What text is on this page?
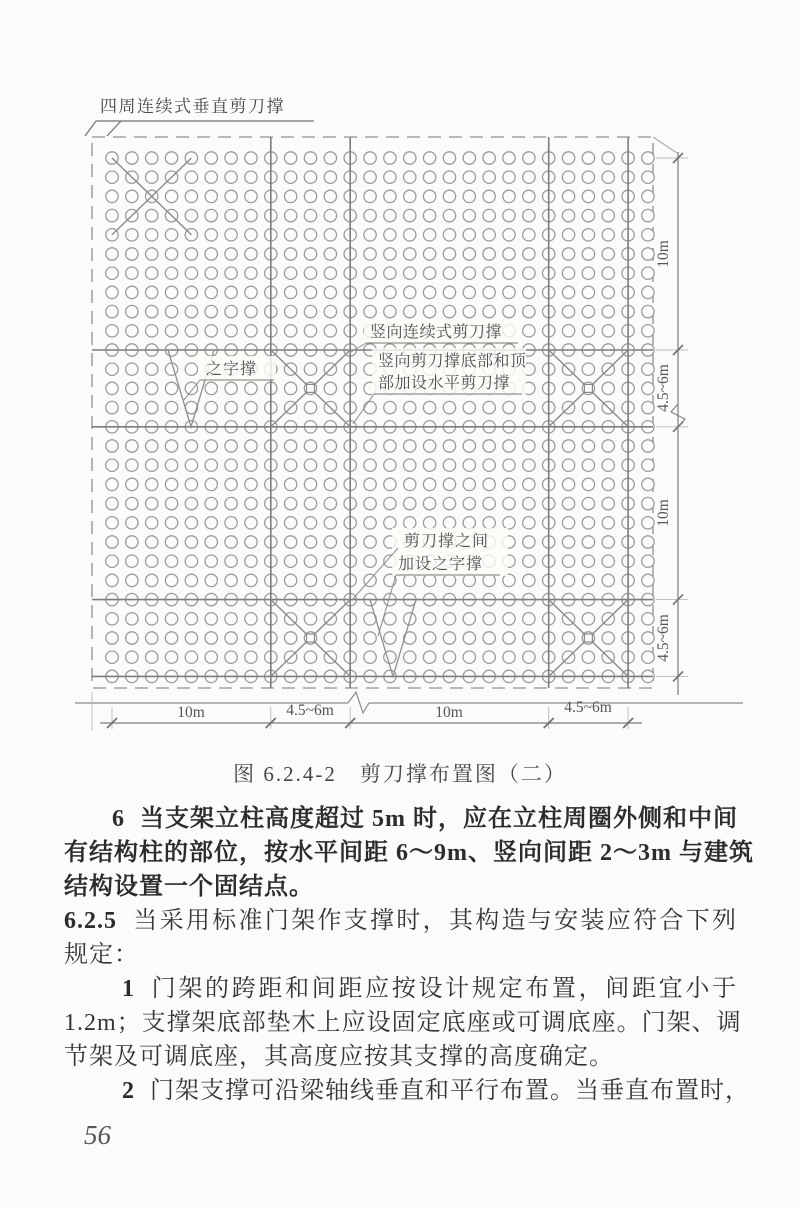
四周连续式垂直剪刀撑
之字撑
竖向连续式剪刀撑
竖向剪刀撑底部和顶
部加设水平剪刀撑
剪刀撑之间
加设之字撑
10m
4.5~6m
10m
4.5~6m
10m	4.5~6m	10m	4.5~6m
图 6.2.4-2　剪刀撑布置图（二）
6 当支架立柱高度超过 5m 时，应在立柱周圈外侧和中间
有结构柱的部位，按水平间距 6～9m、竖向间距 2～3m 与建筑
结构设置一个固结点。
6.2.5 当采用标准门架作支撑时，其构造与安装应符合下列
规定：
1 门架的跨距和间距应按设计规定布置，间距宜小于
1.2m；支撑架底部垫木上应设固定底座或可调底座。门架、调
节架及可调底座，其高度应按其支撑的高度确定。
2 门架支撑可沿梁轴线垂直和平行布置。当垂直布置时，
56
